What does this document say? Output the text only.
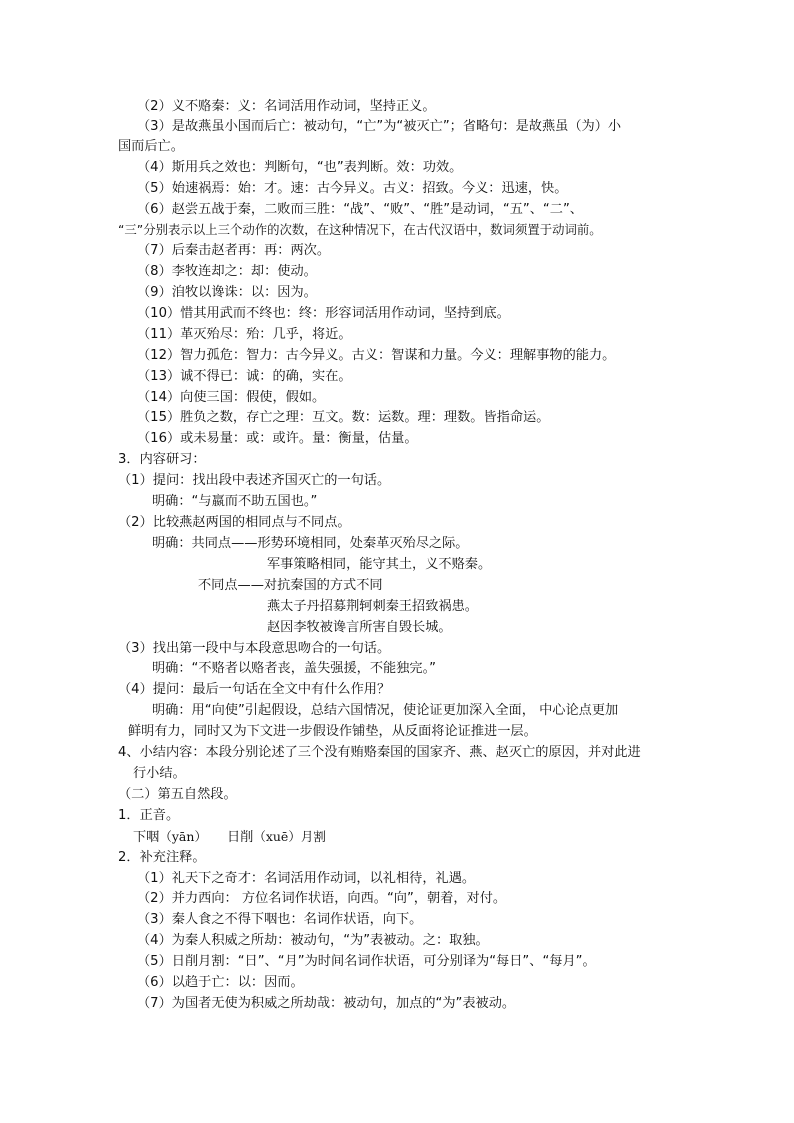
（2）义不赂秦：义：名词活用作动词，坚持正义。
（3）是故燕虽小国而后亡：被动句，“亡”为“被灭亡”；省略句：是故燕虽（为）小
国而后亡。
（4）斯用兵之效也：判断句，“也”表判断。效：功效。
（5）始速祸焉：始：才。速：古今异义。古义：招致。今义：迅速，快。
（6）赵尝五战于秦，二败而三胜：“战”、“败”、“胜”是动词，“五”、“二”、
“三”分别表示以上三个动作的次数，在这种情况下，在古代汉语中，数词须置于动词前。
（7）后秦击赵者再：再：两次。
（8）李牧连却之：却：使动。
（9）洎牧以谗诛：以：因为。
（10）惜其用武而不终也：终：形容词活用作动词，坚持到底。
（11）革灭殆尽：殆：几乎，将近。
（12）智力孤危：智力：古今异义。古义：智谋和力量。今义：理解事物的能力。
（13）诚不得已：诚：的确，实在。
（14）向使三国：假使，假如。
（15）胜负之数，存亡之理：互文。数：运数。理：理数。皆指命运。
（16）或未易量：或：或许。量：衡量，估量。
3．内容研习：
（1）提问：找出段中表述齐国灭亡的一句话。
明确：“与嬴而不助五国也。”
（2）比较燕赵两国的相同点与不同点。
明确：共同点——形势环境相同，处秦革灭殆尽之际。
军事策略相同，能守其土，义不赂秦。
不同点——对抗秦国的方式不同
燕太子丹招募荆轲刺秦王招致祸患。
赵因李牧被谗言所害自毁长城。
（3）找出第一段中与本段意思吻合的一句话。
明确：“不赂者以赂者丧，盖失强援，不能独完。”
（4）提问：最后一句话在全文中有什么作用？
明确：用“向使”引起假设，总结六国情况，使论证更加深入全面， 中心论点更加
鲜明有力，同时又为下文进一步假设作铺垫，从反面将论证推进一层。
4、小结内容：本段分别论述了三个没有贿赂秦国的国家齐、燕、赵灭亡的原因，并对此进
行小结。
（二）第五自然段。
1．正音。
下咽（yān） 日削（xuē）月割
2．补充注释。
（1）礼天下之奇才：名词活用作动词，以礼相待，礼遇。
（2）并力西向： 方位名词作状语，向西。“向”，朝着，对付。
（3）秦人食之不得下咽也：名词作状语，向下。
（4）为秦人积威之所劫：被动句，“为”表被动。之：取独。
（5）日削月割：“日”、“月”为时间名词作状语，可分别译为“每日”、“每月”。
（6）以趋于亡：以：因而。
（7）为国者无使为积威之所劫哉：被动句，加点的“为”表被动。
